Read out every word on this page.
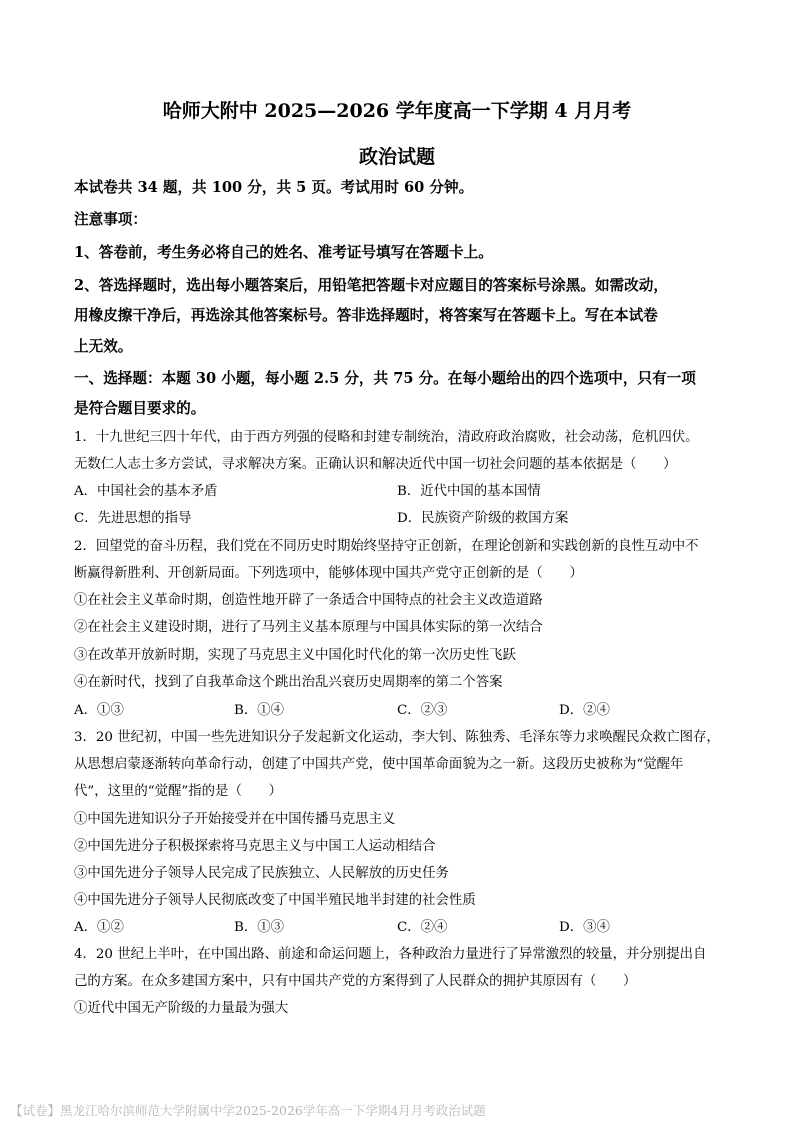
哈师大附中 2025—2026 学年度高一下学期 4 月月考
政治试题
本试卷共 34 题，共 100 分，共 5 页。考试用时 60 分钟。
注意事项：
1、答卷前，考生务必将自己的姓名、准考证号填写在答题卡上。
2、答选择题时，选出每小题答案后，用铅笔把答题卡对应题目的答案标号涂黑。如需改动，
用橡皮擦干净后，再选涂其他答案标号。答非选择题时，将答案写在答题卡上。写在本试卷
上无效。
一、选择题：本题 30 小题，每小题 2.5 分，共 75 分。在每小题给出的四个选项中，只有一项
是符合题目要求的。
1．十九世纪三四十年代，由于西方列强的侵略和封建专制统治，清政府政治腐败，社会动荡，危机四伏。
无数仁人志士多方尝试，寻求解决方案。正确认识和解决近代中国一切社会问题的基本依据是（　　）
A．中国社会的基本矛盾	B．近代中国的基本国情
C．先进思想的指导	D．民族资产阶级的救国方案
2．回望党的奋斗历程，我们党在不同历史时期始终坚持守正创新，在理论创新和实践创新的良性互动中不
断赢得新胜利、开创新局面。下列选项中，能够体现中国共产党守正创新的是（　　）
①在社会主义革命时期，创造性地开辟了一条适合中国特点的社会主义改造道路
②在社会主义建设时期，进行了马列主义基本原理与中国具体实际的第一次结合
③在改革开放新时期，实现了马克思主义中国化时代化的第一次历史性飞跃
④在新时代，找到了自我革命这个跳出治乱兴衰历史周期率的第二个答案
A．①③	B．①④	C．②③	D．②④
3．20 世纪初，中国一些先进知识分子发起新文化运动，李大钊、陈独秀、毛泽东等力求唤醒民众救亡图存，
从思想启蒙逐渐转向革命行动，创建了中国共产党，使中国革命面貌为之一新。这段历史被称为“觉醒年
代”，这里的“觉醒”指的是（　　）
①中国先进知识分子开始接受并在中国传播马克思主义
②中国先进分子积极探索将马克思主义与中国工人运动相结合
③中国先进分子领导人民完成了民族独立、人民解放的历史任务
④中国先进分子领导人民彻底改变了中国半殖民地半封建的社会性质
A．①②	B．①③	C．②④	D．③④
4．20 世纪上半叶，在中国出路、前途和命运问题上，各种政治力量进行了异常激烈的较量，并分别提出自
己的方案。在众多建国方案中，只有中国共产党的方案得到了人民群众的拥护其原因有（　　）
①近代中国无产阶级的力量最为强大
【试卷】黑龙江哈尔滨师范大学附属中学2025-2026学年高一下学期4月月考政治试题
